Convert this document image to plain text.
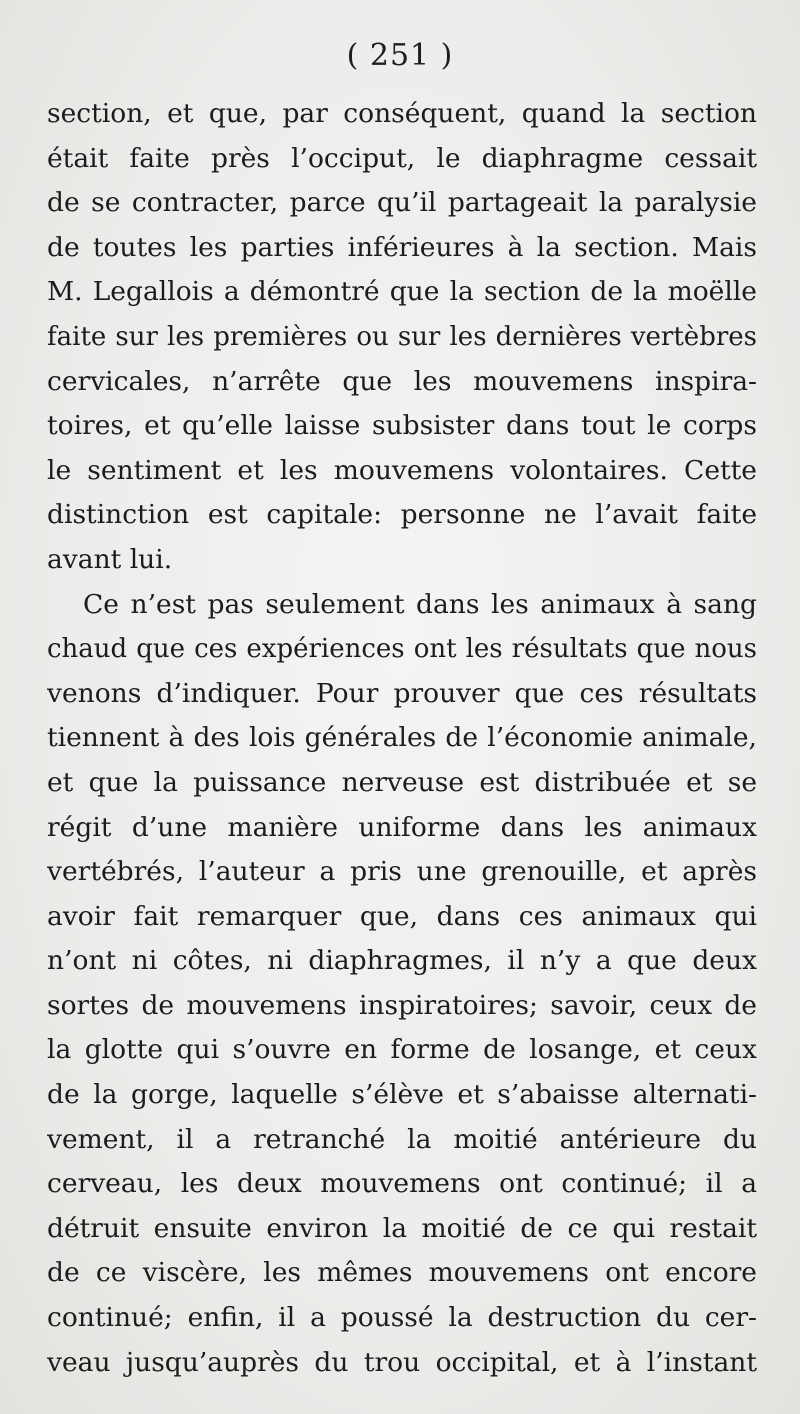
( 251 )
section, et que, par conséquent, quand la section
était faite près l’occiput, le diaphragme cessait
de se contracter, parce qu’il partageait la paralysie
de toutes les parties inférieures à la section. Mais
M. Legallois a démontré que la section de la moëlle
faite sur les premières ou sur les dernières vertèbres
cervicales, n’arrête que les mouvemens inspira-
toires, et qu’elle laisse subsister dans tout le corps
le sentiment et les mouvemens volontaires. Cette
distinction est capitale: personne ne l’avait faite
avant lui.
Ce n’est pas seulement dans les animaux à sang
chaud que ces expériences ont les résultats que nous
venons d’indiquer. Pour prouver que ces résultats
tiennent à des lois générales de l’économie animale,
et que la puissance nerveuse est distribuée et se
régit d’une manière uniforme dans les animaux
vertébrés, l’auteur a pris une grenouille, et après
avoir fait remarquer que, dans ces animaux qui
n’ont ni côtes, ni diaphragmes, il n’y a que deux
sortes de mouvemens inspiratoires; savoir, ceux de
la glotte qui s’ouvre en forme de losange, et ceux
de la gorge, laquelle s’élève et s’abaisse alternati-
vement, il a retranché la moitié antérieure du
cerveau, les deux mouvemens ont continué; il a
détruit ensuite environ la moitié de ce qui restait
de ce viscère, les mêmes mouvemens ont encore
continué; enfin, il a poussé la destruction du cer-
veau jusqu’auprès du trou occipital, et à l’instant
